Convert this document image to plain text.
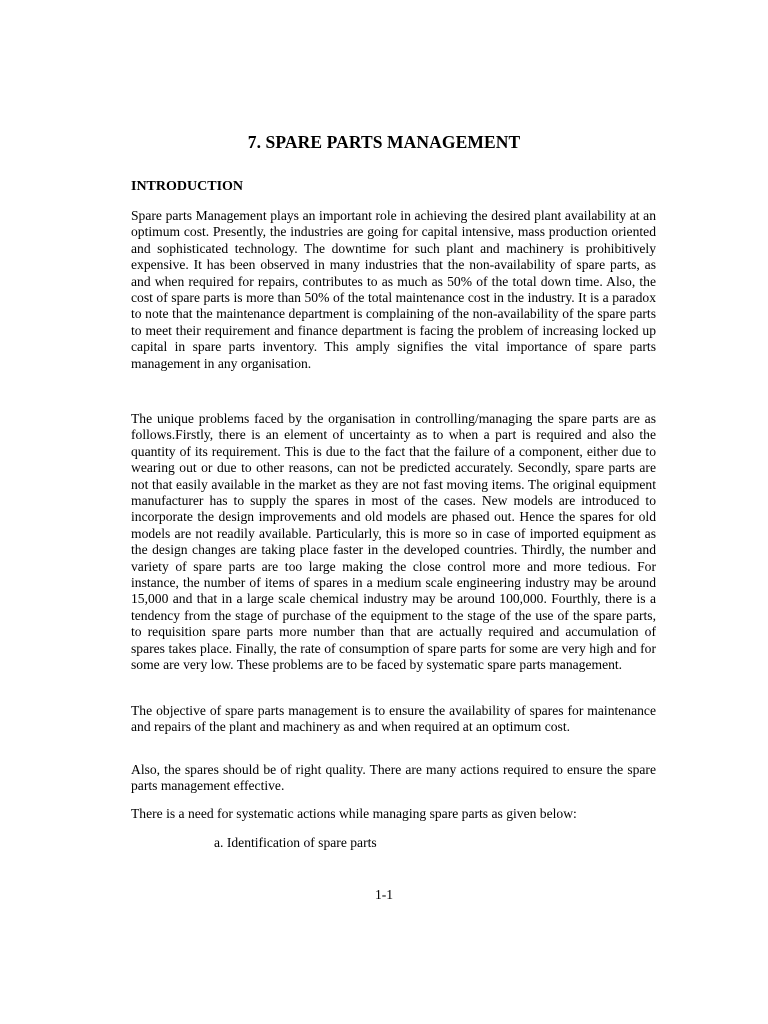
7. SPARE PARTS MANAGEMENT
INTRODUCTION
Spare parts Management plays an important role in achieving the desired plant availability at an optimum cost. Presently, the industries are going for capital intensive, mass production oriented and sophisticated technology. The downtime for such plant and machinery is prohibitively expensive. It has been observed in many industries that the non-availability of spare parts, as and when required for repairs, contributes to as much as 50% of the total down time. Also, the cost of spare parts is more than 50% of the total maintenance cost in the industry. It is a paradox to note that the maintenance department is complaining of the non-availability of the spare parts to meet their requirement and finance department is facing the problem of increasing locked up capital in spare parts inventory. This amply signifies the vital importance of spare parts management in any organisation.
The unique problems faced by the organisation in controlling/managing the spare parts are as follows.Firstly, there is an element of uncertainty as to when a part is required and also the quantity of its requirement. This is due to the fact that the failure of a component, either due to wearing out or due to other reasons, can not be predicted accurately. Secondly, spare parts are not that easily available in the market as they are not fast moving items. The original equipment manufacturer has to supply the spares in most of the cases. New models are introduced to incorporate the design improvements and old models are phased out. Hence the spares for old models are not readily available. Particularly, this is more so in case of imported equipment as the design changes are taking place faster in the developed countries. Thirdly, the number and variety of spare parts are too large making the close control more and more tedious. For instance, the number of items of spares in a medium scale engineering industry may be around 15,000 and that in a large scale chemical industry may be around 100,000. Fourthly, there is a tendency from the stage of purchase of the equipment to the stage of the use of the spare parts, to requisition spare parts more number than that are actually required and accumulation of spares takes place. Finally, the rate of consumption of spare parts for some are very high and for some are very low. These problems are to be faced by systematic spare parts management.
The objective of spare parts management is to ensure the availability of spares for maintenance and repairs of the plant and machinery as and when required at an optimum cost.
Also, the spares should be of right quality. There are many actions required to ensure the spare parts management effective.
There is a need for systematic actions while managing spare parts as given below:
a. Identification of spare parts
1-1
